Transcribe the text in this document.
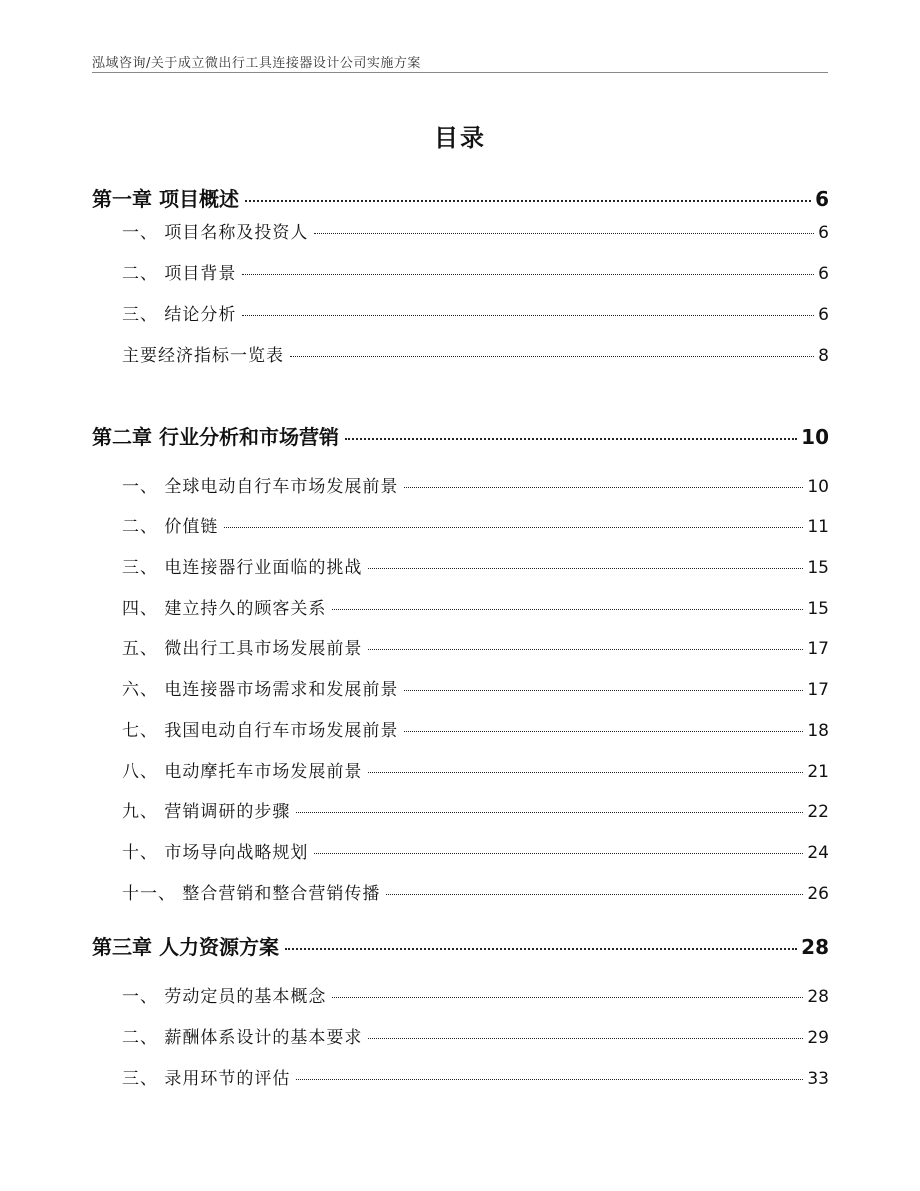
泓域咨询/关于成立微出行工具连接器设计公司实施方案
目录
第一章 项目概述	6
一、 项目名称及投资人	6
二、 项目背景	6
三、 结论分析	6
主要经济指标一览表	8
第二章 行业分析和市场营销	10
一、 全球电动自行车市场发展前景	10
二、 价值链	11
三、 电连接器行业面临的挑战	15
四、 建立持久的顾客关系	15
五、 微出行工具市场发展前景	17
六、 电连接器市场需求和发展前景	17
七、 我国电动自行车市场发展前景	18
八、 电动摩托车市场发展前景	21
九、 营销调研的步骤	22
十、 市场导向战略规划	24
十一、 整合营销和整合营销传播	26
第三章 人力资源方案	28
一、 劳动定员的基本概念	28
二、 薪酬体系设计的基本要求	29
三、 录用环节的评估	33
